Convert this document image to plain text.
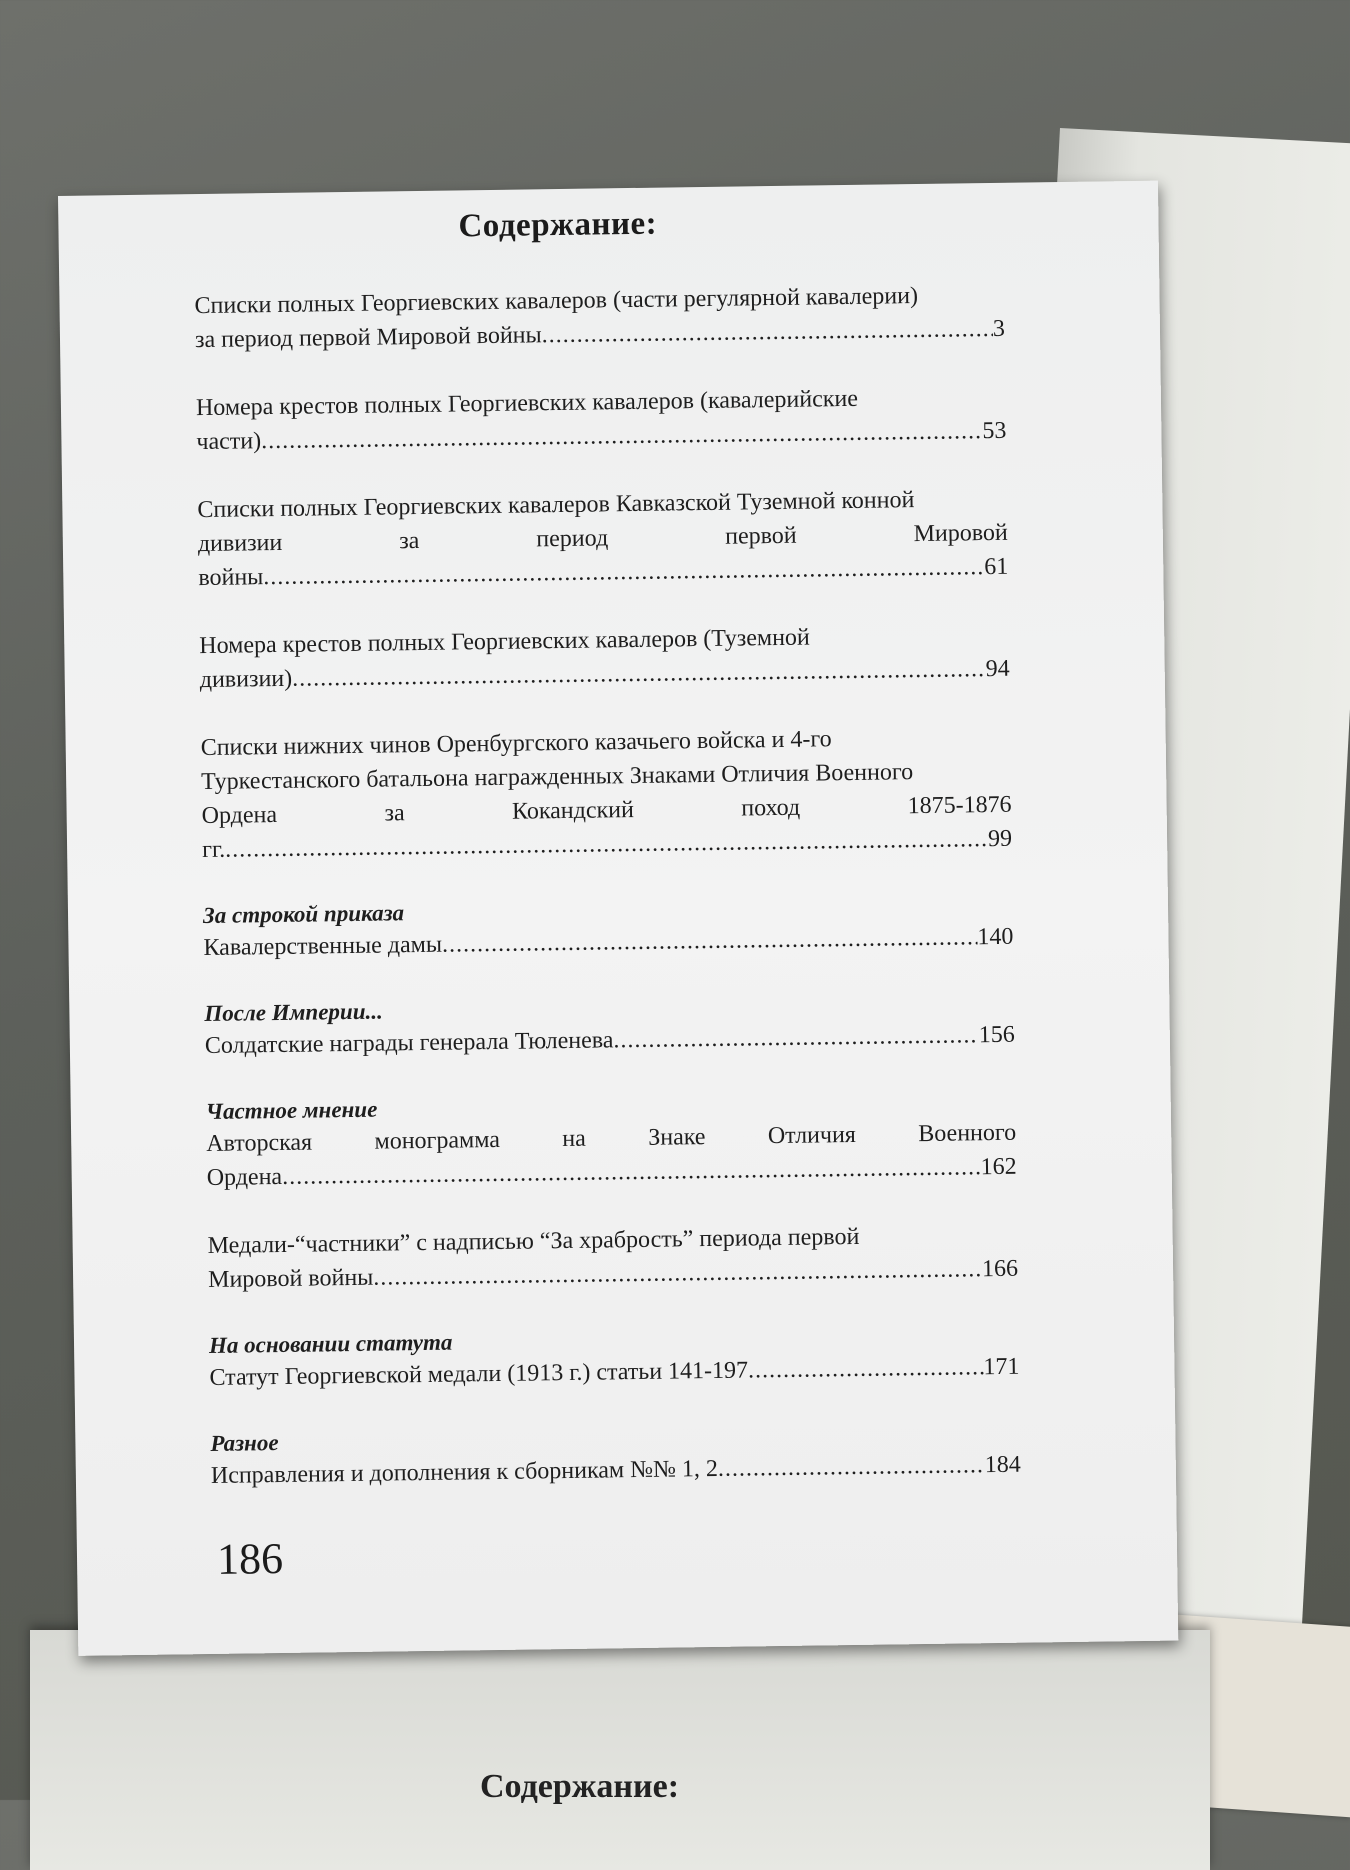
Содержание:
Содержание:
Списки полных Георгиевских кавалеров (части регулярной кавалерии)
за период первой Мировой войны .....	3
Номера крестов полных Георгиевских кавалеров (кавалерийские
части) .....	53
Списки полных Георгиевских кавалеров Кавказской Туземной конной
дивизии за период первой Мировой
войны .....	61
Номера крестов полных Георгиевских кавалеров (Туземной
дивизии) .....	94
Списки нижних чинов Оренбургского казачьего войска и 4-го
Туркестанского батальона награжденных Знаками Отличия Военного
Ордена за Кокандский поход 1875-1876
гг. .....	99
За строкой приказа
Кавалерственные дамы .....	140
После Империи...
Солдатские награды генерала Тюленева .....	156
Частное мнение
Авторская монограмма на Знаке Отличия Военного
Ордена .....	162
Медали-“частники” с надписью “За храбрость” периода первой
Мировой войны .....	166
На основании статута
Статут Георгиевской медали (1913 г.) статьи 141-197 .....	171
Разное
Исправления и дополнения к сборникам №№ 1, 2 .....	184
186
